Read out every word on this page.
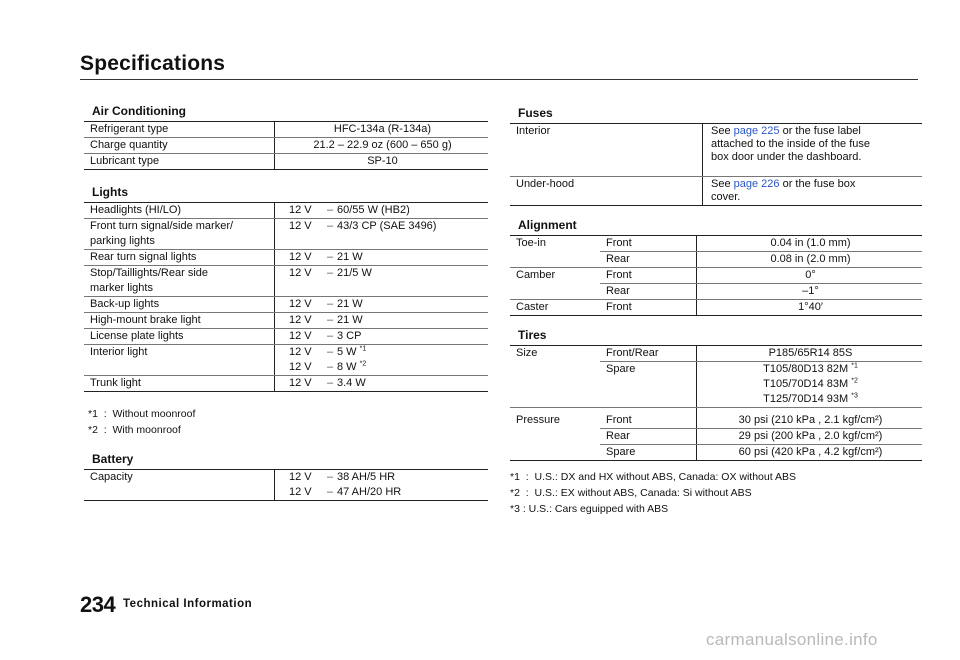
Specifications
Air Conditioning
Refrigerant type	HFC-134a (R-134a)
Charge quantity	21.2 – 22.9 oz (600 – 650 g)
Lubricant type	SP-10
Lights
Headlights (HI/LO)	12 V – 60/55 W (HB2)
Front turn signal/side marker/	12 V – 43/3 CP (SAE 3496)
parking lights	
Rear turn signal lights	12 V – 21 W
Stop/Taillights/Rear side	12 V – 21/5 W
marker lights	
Back-up lights	12 V – 21 W
High-mount brake light	12 V – 21 W
License plate lights	12 V – 3 CP
Interior light	12 V – 5 W $^{*1}$
	12 V – 8 W $^{*2}$
Trunk light	12 V – 3.4 W
*1  :  Without moonroof
*2  :  With moonroof
Battery
Capacity	12 V – 38 AH/5 HR
	12 V – 47 AH/20 HR
Fuses
Interior	See page 225 or the fuse label
attached to the inside of the fuse
box door under the dashboard.
Under-hood	See page 226 or the fuse box
cover.
Alignment
Toe-in	Front	0.04 in (1.0 mm)
	Rear	0.08 in (2.0 mm)
Camber	Front	0°
	Rear	–1°
Caster	Front	1°40′
Tires
Size	Front/Rear	P185/65R14 85S
	Spare	T105/80D13 82M $^{*1}$
		T105/70D14 83M $^{*2}$
		T125/70D14 93M $^{*3}$
Pressure	Front	30 psi (210 kPa , 2.1 kgf/cm²)
	Rear	29 psi (200 kPa , 2.0 kgf/cm²)
	Spare	60 psi (420 kPa , 4.2 kgf/cm²)
*1  :  U.S.: DX and HX without ABS, Canada: OX without ABS
*2  :  U.S.: EX without ABS, Canada: Si without ABS
*3 : U.S.: Cars eguipped with ABS
234 Technical Information
carmanualsonline.info
